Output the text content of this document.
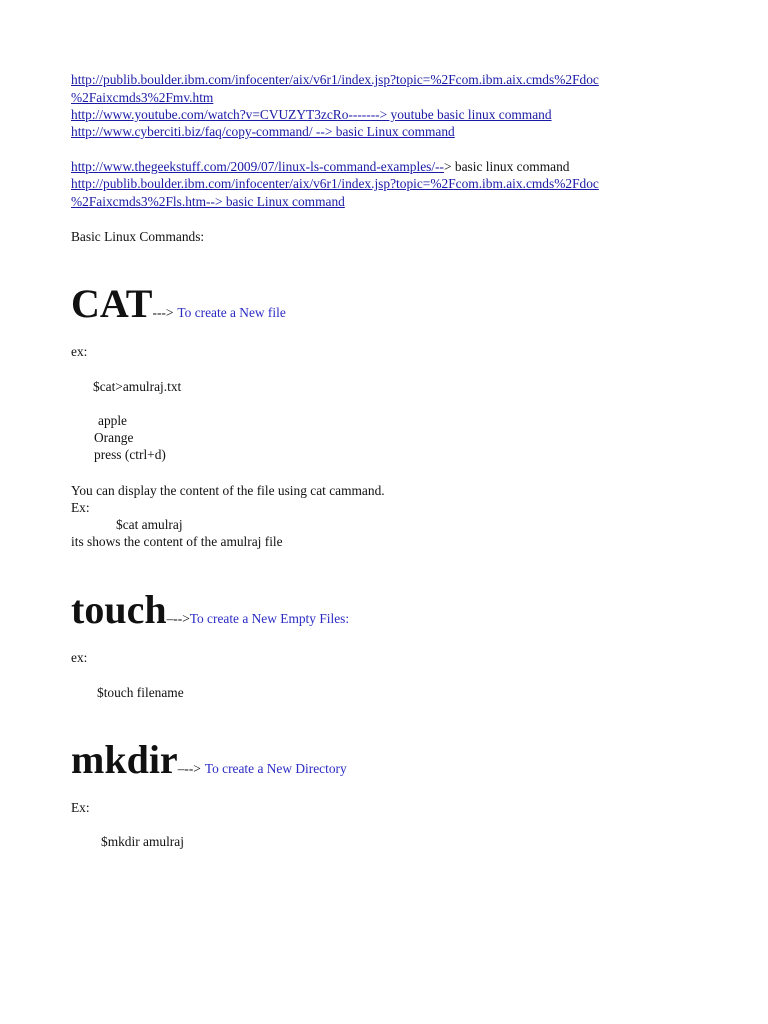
http://publib.boulder.ibm.com/infocenter/aix/v6r1/index.jsp?topic=%2Fcom.ibm.aix.cmds%2Fdoc
%2Faixcmds3%2Fmv.htm
http://www.youtube.com/watch?v=CVUZYT3zcRo-------> youtube basic linux command
http://www.cyberciti.biz/faq/copy-command/ --> basic Linux command
http://www.thegeekstuff.com/2009/07/linux-ls-command-examples/--> basic linux command
http://publib.boulder.ibm.com/infocenter/aix/v6r1/index.jsp?topic=%2Fcom.ibm.aix.cmds%2Fdoc
%2Faixcmds3%2Fls.htm--> basic Linux command
Basic Linux Commands:
CAT---> To create a New file
ex:
$cat>amulraj.txt
apple
Orange
press (ctrl+d)
You can display the content of the file using cat cammand.
Ex:
$cat amulraj
its shows the content of the amulraj file
touch–-->To create a New Empty Files:
ex:
$touch filename
mkdir–--> To create a New Directory
Ex:
$mkdir amulraj
